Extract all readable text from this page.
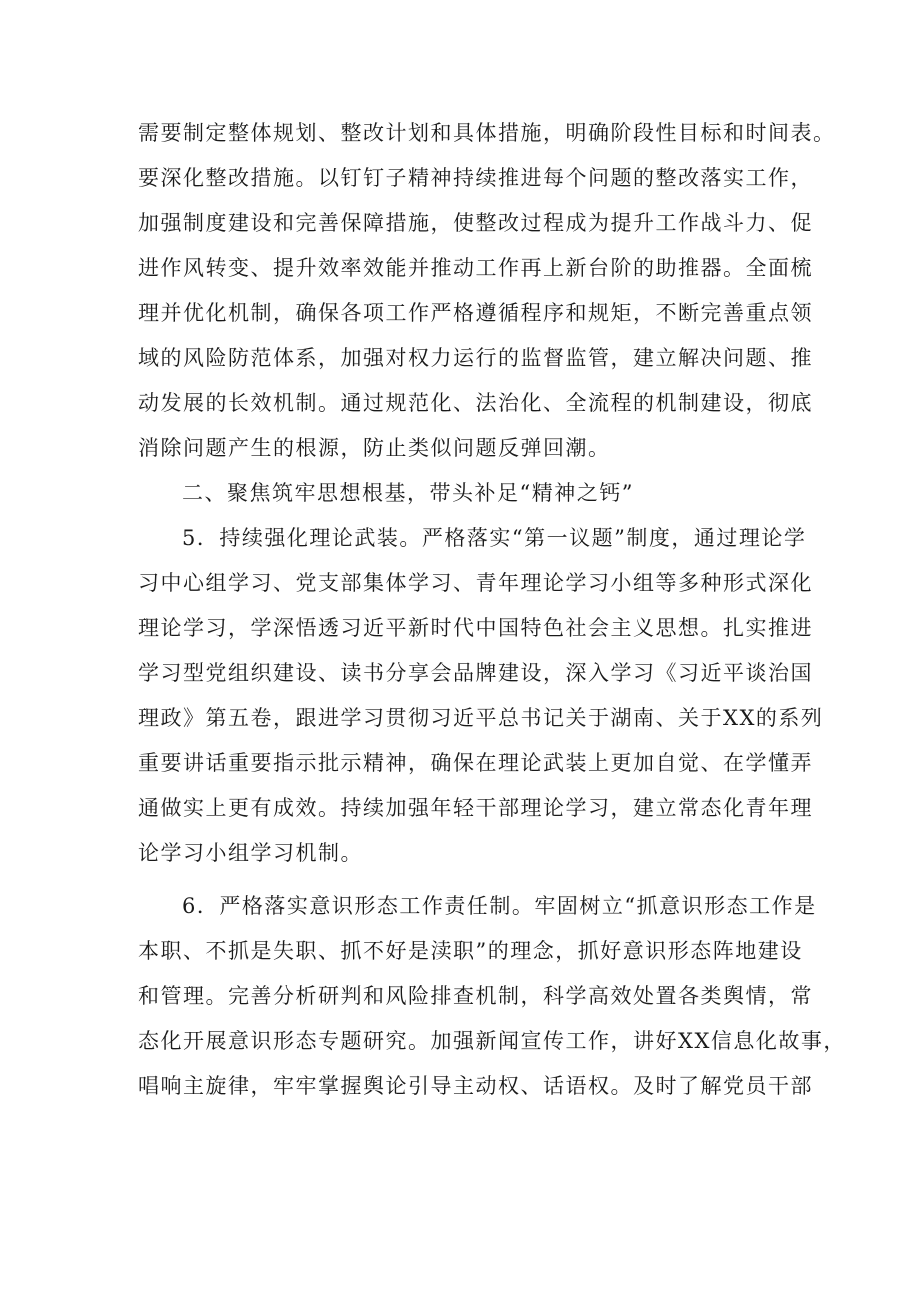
需要制定整体规划、整改计划和具体措施，明确阶段性目标和时间表。
要深化整改措施。以钉钉子精神持续推进每个问题的整改落实工作，
加强制度建设和完善保障措施，使整改过程成为提升工作战斗力、促
进作风转变、提升效率效能并推动工作再上新台阶的助推器。全面梳
理并优化机制，确保各项工作严格遵循程序和规矩，不断完善重点领
域的风险防范体系，加强对权力运行的监督监管，建立解决问题、推
动发展的长效机制。通过规范化、法治化、全流程的机制建设，彻底
消除问题产生的根源，防止类似问题反弹回潮。
二、聚焦筑牢思想根基，带头补足“精神之钙”
5．持续强化理论武装。严格落实“第一议题”制度，通过理论学
习中心组学习、党支部集体学习、青年理论学习小组等多种形式深化
理论学习，学深悟透习近平新时代中国特色社会主义思想。扎实推进
学习型党组织建设、读书分享会品牌建设，深入学习《习近平谈治国
理政》第五卷，跟进学习贯彻习近平总书记关于湖南、关于XX的系列
重要讲话重要指示批示精神，确保在理论武装上更加自觉、在学懂弄
通做实上更有成效。持续加强年轻干部理论学习，建立常态化青年理
论学习小组学习机制。
6．严格落实意识形态工作责任制。牢固树立“抓意识形态工作是
本职、不抓是失职、抓不好是渎职”的理念，抓好意识形态阵地建设
和管理。完善分析研判和风险排查机制，科学高效处置各类舆情，常
态化开展意识形态专题研究。加强新闻宣传工作，讲好XX信息化故事，
唱响主旋律，牢牢掌握舆论引导主动权、话语权。及时了解党员干部
